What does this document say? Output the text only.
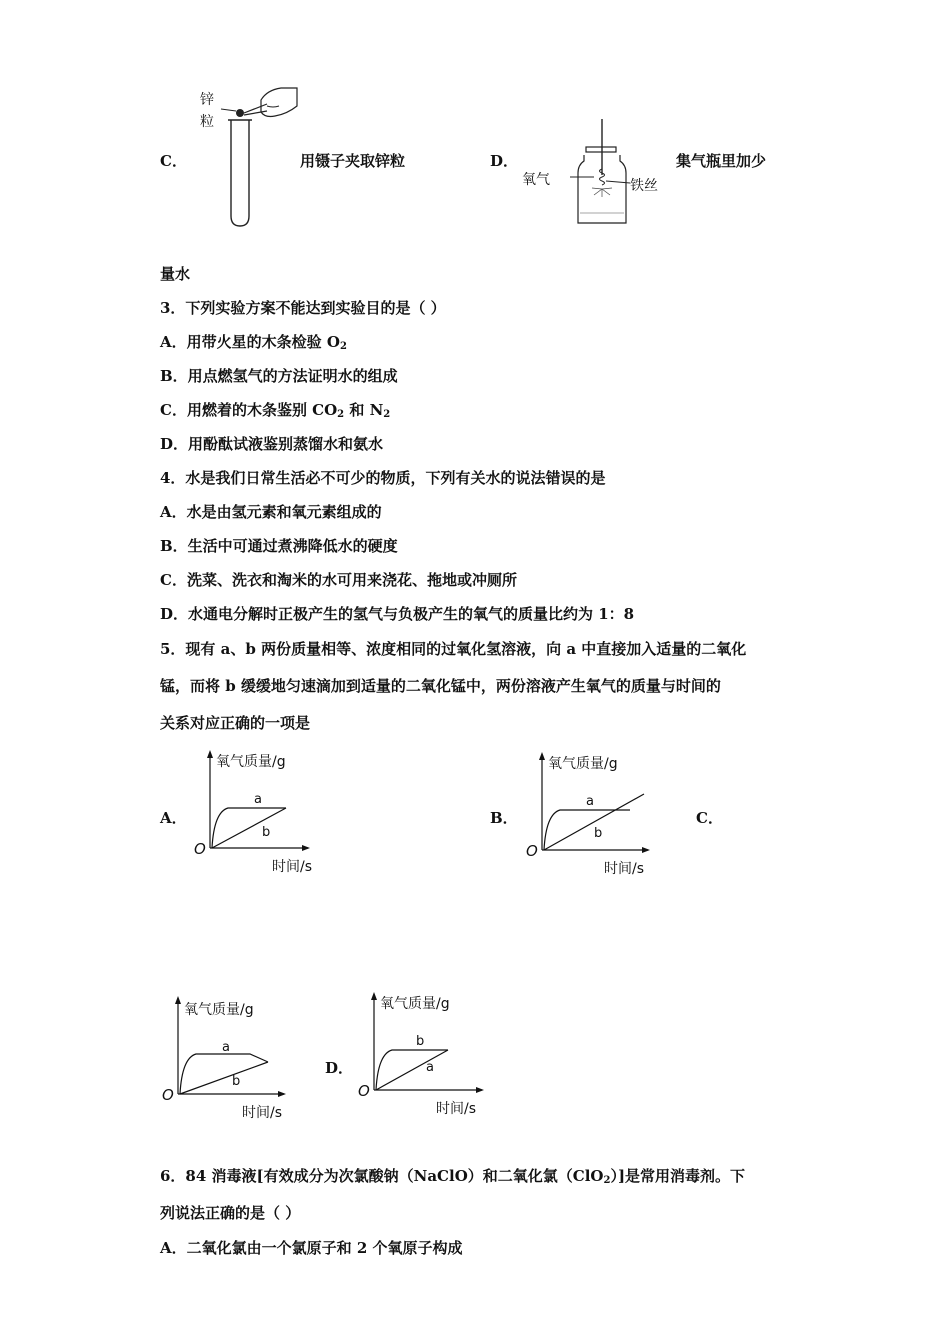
C．
锌
粒
用镊子夹取锌粒	D．
氧气	铁丝
集气瓶里加少
量水
3．下列实验方案不能达到实验目的是（ ）
A．用带火星的木条检验 $O_2$
B．用点燃氢气的方法证明水的组成
C．用燃着的木条鉴别 $CO_2$ 和 $N_2$
D．用酚酞试液鉴别蒸馏水和氨水
4．水是我们日常生活必不可少的物质，下列有关水的说法错误的是
A．水是由氢元素和氧元素组成的
B．生活中可通过煮沸降低水的硬度
C．洗菜、洗衣和淘米的水可用来浇花、拖地或冲厕所
D．水通电分解时正极产生的氢气与负极产生的氧气的质量比约为 1：8
5．现有 a、b 两份质量相等、浓度相同的过氧化氢溶液，向 a 中直接加入适量的二氧化
锰，而将 b 缓缓地匀速滴加到适量的二氧化锰中，两份溶液产生氧气的质量与时间的
关系对应正确的一项是
A．
氧气质量/g
时间/s
O
a
b
B．
氧气质量/g
时间/s
O
a
b
C．
氧气质量/g
时间/s
O
a
b
D．
氧气质量/g
时间/s
O
b
a
6．84 消毒液[有效成分为次氯酸钠（NaClO）和二氧化氯（ClO$_2$）]是常用消毒剂。下
列说法正确的是（ ）
A．二氧化氯由一个氯原子和 2 个氧原子构成
